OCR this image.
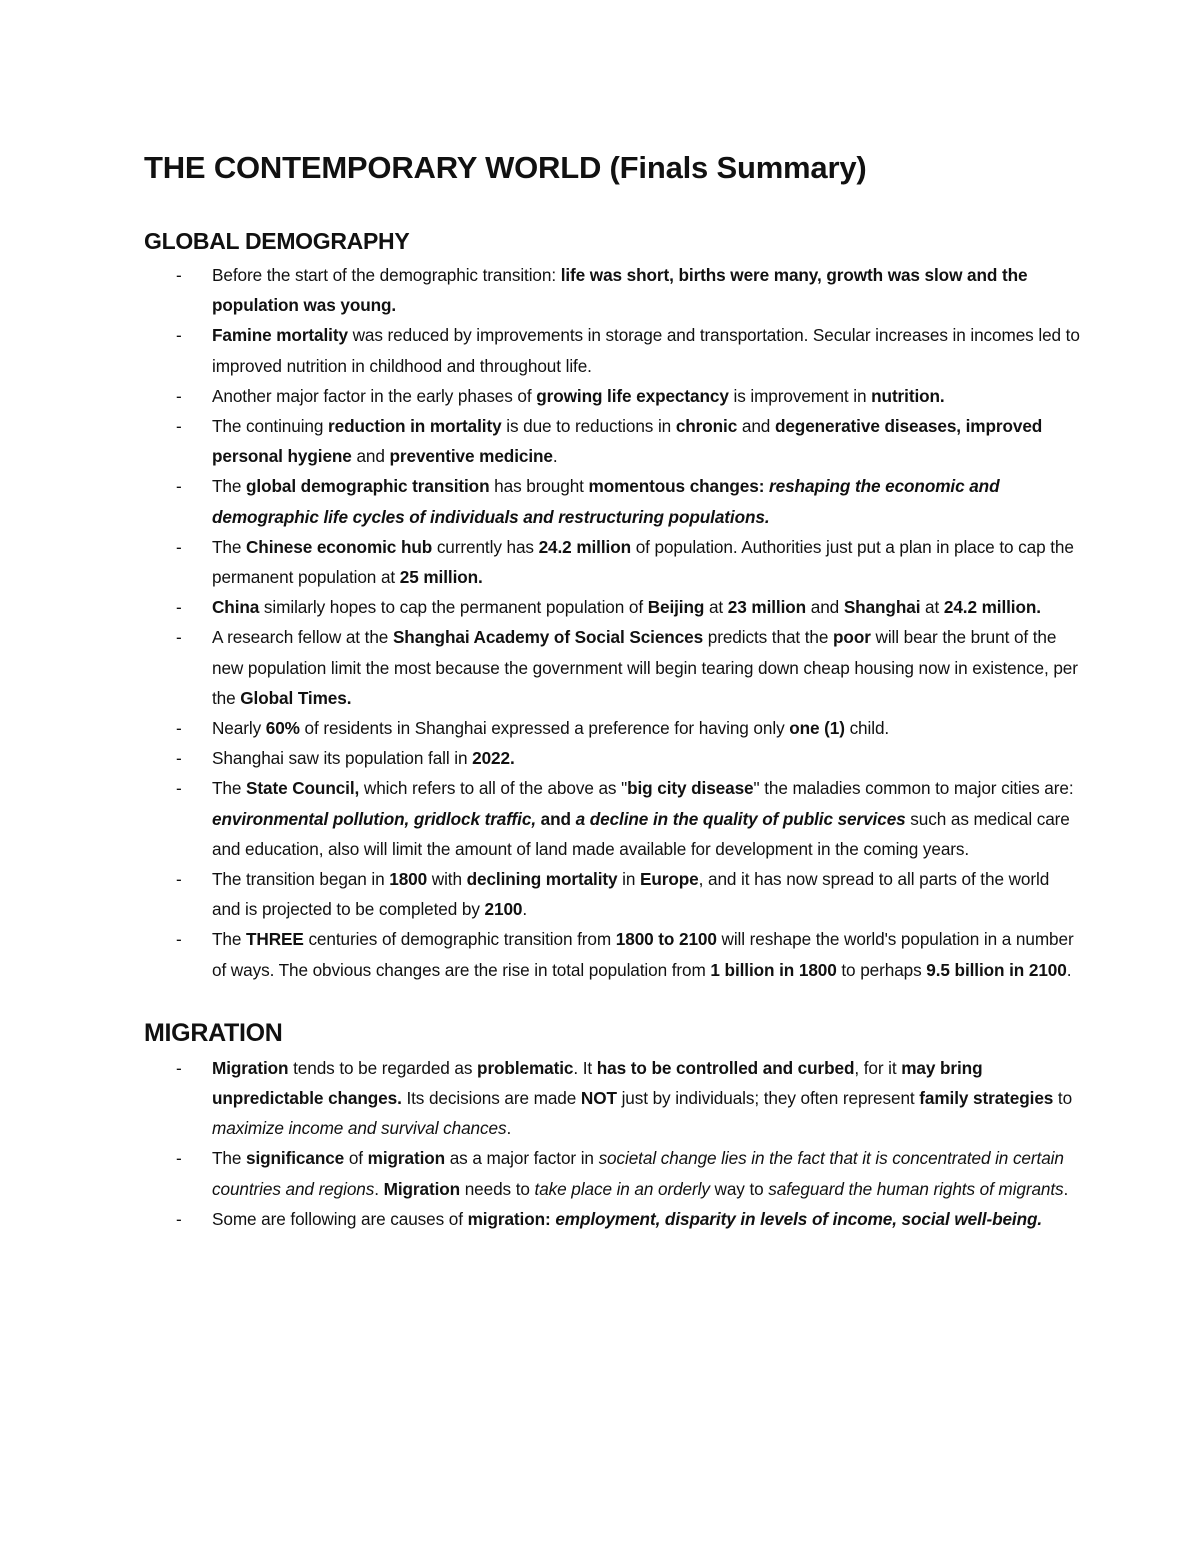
THE CONTEMPORARY WORLD (Finals Summary)
GLOBAL DEMOGRAPHY
- Before the start of the demographic transition: life was short, births were many, growth was slow and the population was young.
- Famine mortality was reduced by improvements in storage and transportation. Secular increases in incomes led to improved nutrition in childhood and throughout life.
- Another major factor in the early phases of growing life expectancy is improvement in nutrition.
- The continuing reduction in mortality is due to reductions in chronic and degenerative diseases, improved personal hygiene and preventive medicine.
- The global demographic transition has brought momentous changes: reshaping the economic and demographic life cycles of individuals and restructuring populations.
- The Chinese economic hub currently has 24.2 million of population. Authorities just put a plan in place to cap the permanent population at 25 million.
- China similarly hopes to cap the permanent population of Beijing at 23 million and Shanghai at 24.2 million.
- A research fellow at the Shanghai Academy of Social Sciences predicts that the poor will bear the brunt of the new population limit the most because the government will begin tearing down cheap housing now in existence, per the Global Times.
- Nearly 60% of residents in Shanghai expressed a preference for having only one (1) child.
- Shanghai saw its population fall in 2022.
- The State Council, which refers to all of the above as "big city disease" the maladies common to major cities are: environmental pollution, gridlock traffic, and a decline in the quality of public services such as medical care and education, also will limit the amount of land made available for development in the coming years.
- The transition began in 1800 with declining mortality in Europe, and it has now spread to all parts of the world and is projected to be completed by 2100.
- The THREE centuries of demographic transition from 1800 to 2100 will reshape the world's population in a number of ways. The obvious changes are the rise in total population from 1 billion in 1800 to perhaps 9.5 billion in 2100.
MIGRATION
- Migration tends to be regarded as problematic. It has to be controlled and curbed, for it may bring unpredictable changes. Its decisions are made NOT just by individuals; they often represent family strategies to maximize income and survival chances.
- The significance of migration as a major factor in societal change lies in the fact that it is concentrated in certain countries and regions. Migration needs to take place in an orderly way to safeguard the human rights of migrants.
- Some are following are causes of migration: employment, disparity in levels of income, social well-being.
